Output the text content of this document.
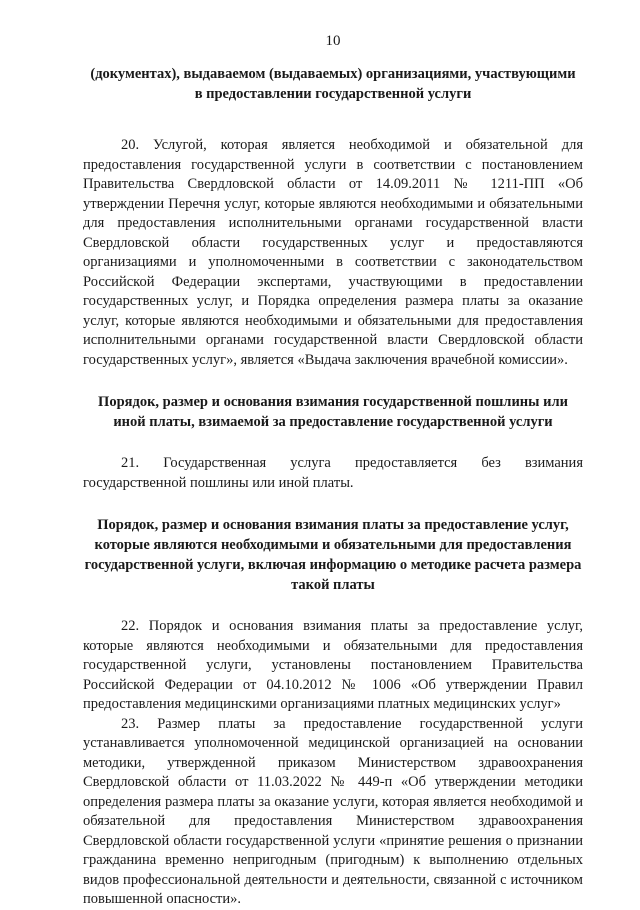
10
(документах), выдаваемом (выдаваемых) организациями, участвующими
в предоставлении государственной услуги

20. Услугой, которая является необходимой и обязательной для предоставления государственной услуги в соответствии с постановлением Правительства Свердловской области от 14.09.2011 № 1211-ПП «Об утверждении Перечня услуг, которые являются необходимыми и обязательными для предоставления исполнительными органами государственной власти Свердловской области государственных услуг и предоставляются организациями и уполномоченными в соответствии с законодательством Российской Федерации экспертами, участвующими в предоставлении государственных услуг, и Порядка определения размера платы за оказание услуг, которые являются необходимыми и обязательными для предоставления исполнительными органами государственной власти Свердловской области государственных услуг», является «Выдача заключения врачебной комиссии».

Порядок, размер и основания взимания государственной пошлины или
иной платы, взимаемой за предоставление государственной услуги

21. Государственная услуга предоставляется без взимания государственной пошлины или иной платы.

Порядок, размер и основания взимания платы за предоставление услуг,
которые являются необходимыми и обязательными для предоставления
государственной услуги, включая информацию о методике расчета размера
такой платы

22. Порядок и основания взимания платы за предоставление услуг, которые являются необходимыми и обязательными для предоставления государственной услуги, установлены постановлением Правительства Российской Федерации от 04.10.2012 № 1006 «Об утверждении Правил предоставления медицинскими организациями платных медицинских услуг»

23. Размер платы за предоставление государственной услуги устанавливается уполномоченной медицинской организацией на основании методики, утвержденной приказом Министерством здравоохранения Свердловской области от 11.03.2022 № 449-п «Об утверждении методики определения размера платы за оказание услуги, которая является необходимой и обязательной для предоставления Министерством здравоохранения Свердловской области государственной услуги «принятие решения о признании гражданина временно непригодным (пригодным) к выполнению отдельных видов профессиональной деятельности и деятельности, связанной с источником повышенной опасности».
